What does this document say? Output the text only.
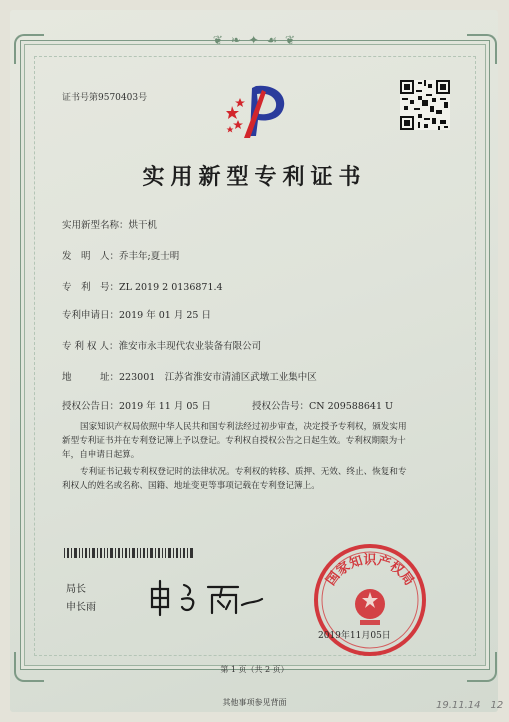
❦ ❧ ✦ ☙ ❦
证书号第9570403号
实用新型专利证书
实用新型名称：烘干机
发　明　人：乔丰年;夏士明
专　利　号：ZL 2019 2 0136871.4
专利申请日：2019 年 01 月 25 日
专 利 权 人：淮安市永丰现代农业装备有限公司
地　　　址：223001　江苏省淮安市清浦区武墩工业集中区
授权公告日：2019 年 11 月 05 日	授权公告号：CN 209588641 U
国家知识产权局依照中华人民共和国专利法经过初步审查，决定授予专利权，颁发实用
新型专利证书并在专利登记簿上予以登记。专利权自授权公告之日起生效。专利权期限为十
年，自申请日起算。
专利证书记载专利权登记时的法律状况。专利权的转移、质押、无效、终止、恢复和专
利权人的姓名或名称、国籍、地址变更等事项记载在专利登记簿上。
局长
申长雨
国家知识产权局
2019年11月05日
第 1 页（共 2 页）
其他事项参见背面	19.11.14　12
